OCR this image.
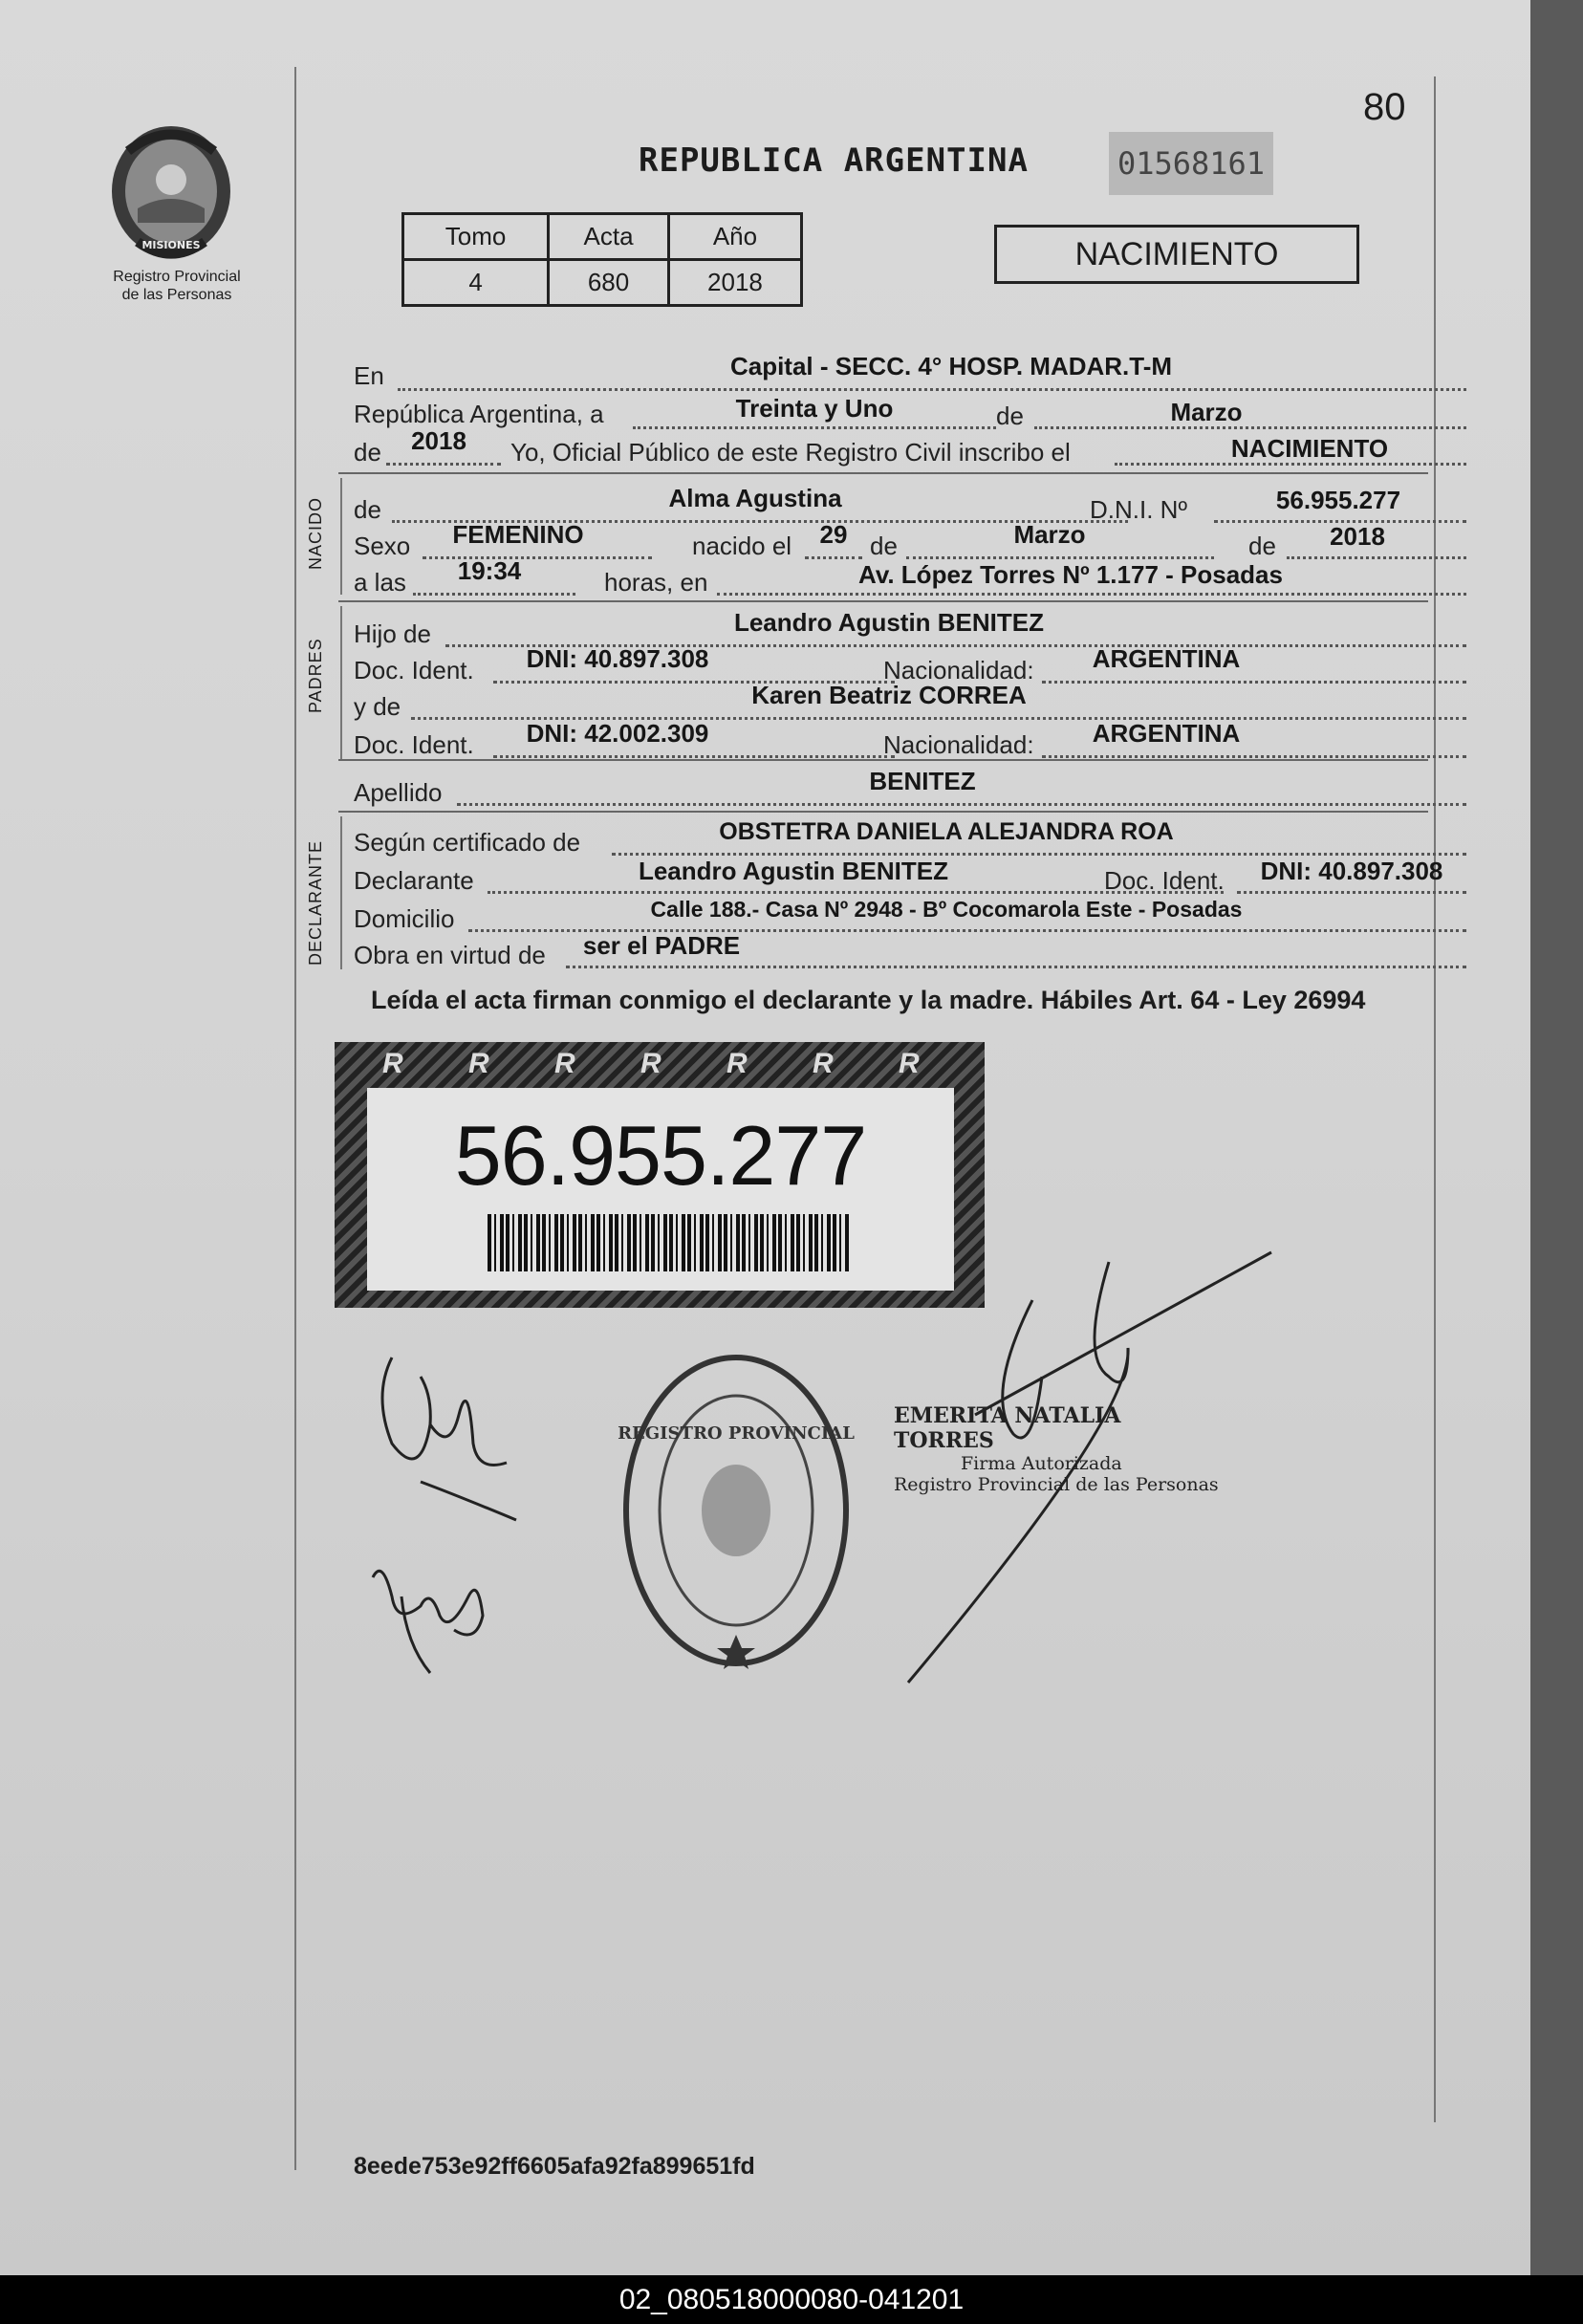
80
MISIONES
Registro Provincial
de las Personas
REPUBLICA ARGENTINA	01568161
Tomo	Acta	Año
4	680	2018
NACIMIENTO
En	Capital - SECC. 4° HOSP. MADAR.T-M
República Argentina, a	Treinta y Uno	de	Marzo
de	2018	Yo, Oficial Público de este Registro Civil inscribo el	NACIMIENTO
NACIDO de	Alma Agustina	D.N.I. Nº	56.955.277
Sexo	FEMENINO	nacido el	29 de	Marzo	de	2018
a las	19:34	horas, en	Av. López Torres Nº 1.177 - Posadas
PADRES
Hijo de	Leandro Agustin BENITEZ
Doc. Ident.	DNI: 40.897.308	Nacionalidad:	ARGENTINA
y de	Karen Beatriz CORREA
Doc. Ident.	DNI: 42.002.309	Nacionalidad:	ARGENTINA
Apellido	BENITEZ
DECLARANTE Según certificado de	OBSTETRA DANIELA ALEJANDRA ROA
Declarante	Leandro Agustin BENITEZ	Doc. Ident.	DNI: 40.897.308
Domicilio	Calle 188.- Casa Nº 2948 - Bº Cocomarola Este - Posadas
Obra en virtud de	ser el PADRE
Leída el acta firman conmigo el declarante y la madre. Hábiles Art. 64 - Ley 26994
R R R R R R R
56.955.277
REGISTRO PROVINCIAL
EMERITA NATALIA TORRES
Firma Autorizada
Registro Provincial de las Personas
8eede753e92ff6605afa92fa899651fd
02_080518000080-041201
